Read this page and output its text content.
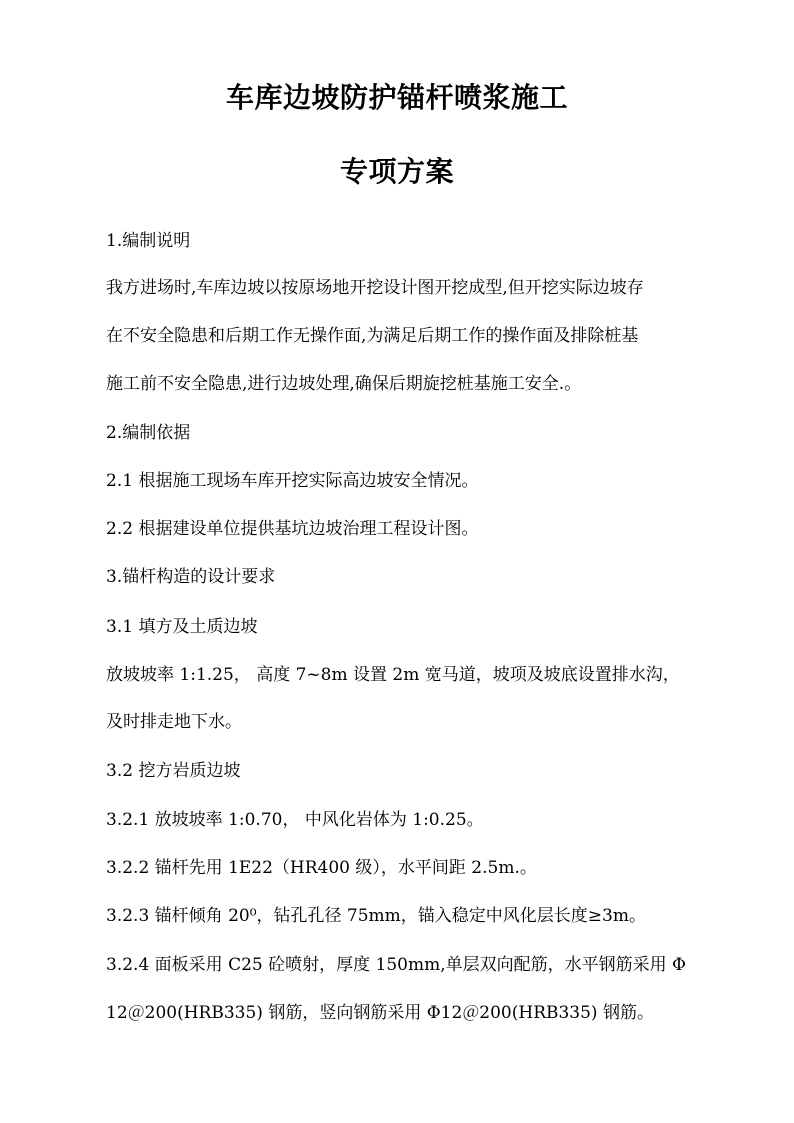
车库边坡防护锚杆喷浆施工
专项方案
1.编制说明
我方进场时,车库边坡以按原场地开挖设计图开挖成型,但开挖实际边坡存
在不安全隐患和后期工作无操作面,为满足后期工作的操作面及排除桩基
施工前不安全隐患,进行边坡处理,确保后期旋挖桩基施工安全.。
2.编制依据
2.1 根据施工现场车库开挖实际高边坡安全情况。
2.2 根据建设单位提供基坑边坡治理工程设计图。
3.锚杆构造的设计要求
3.1 填方及土质边坡
放坡坡率 1:1.25， 高度 7~8m 设置 2m 宽马道，坡项及坡底设置排水沟，
及时排走地下水。
3.2 挖方岩质边坡
3.2.1 放坡坡率 1:0.70， 中风化岩体为 1:0.25。
3.2.2 锚杆先用 1E22（HR400 级），水平间距 2.5m.。
3.2.3 锚杆倾角 20⁰，钻孔孔径 75mm，锚入稳定中风化层长度≥3m。
3.2.4 面板采用 C25 砼喷射，厚度 150mm,单层双向配筋，水平钢筋采用 Φ
12＠200(HRB335) 钢筋，竖向钢筋采用 Φ12＠200(HRB335) 钢筋。
